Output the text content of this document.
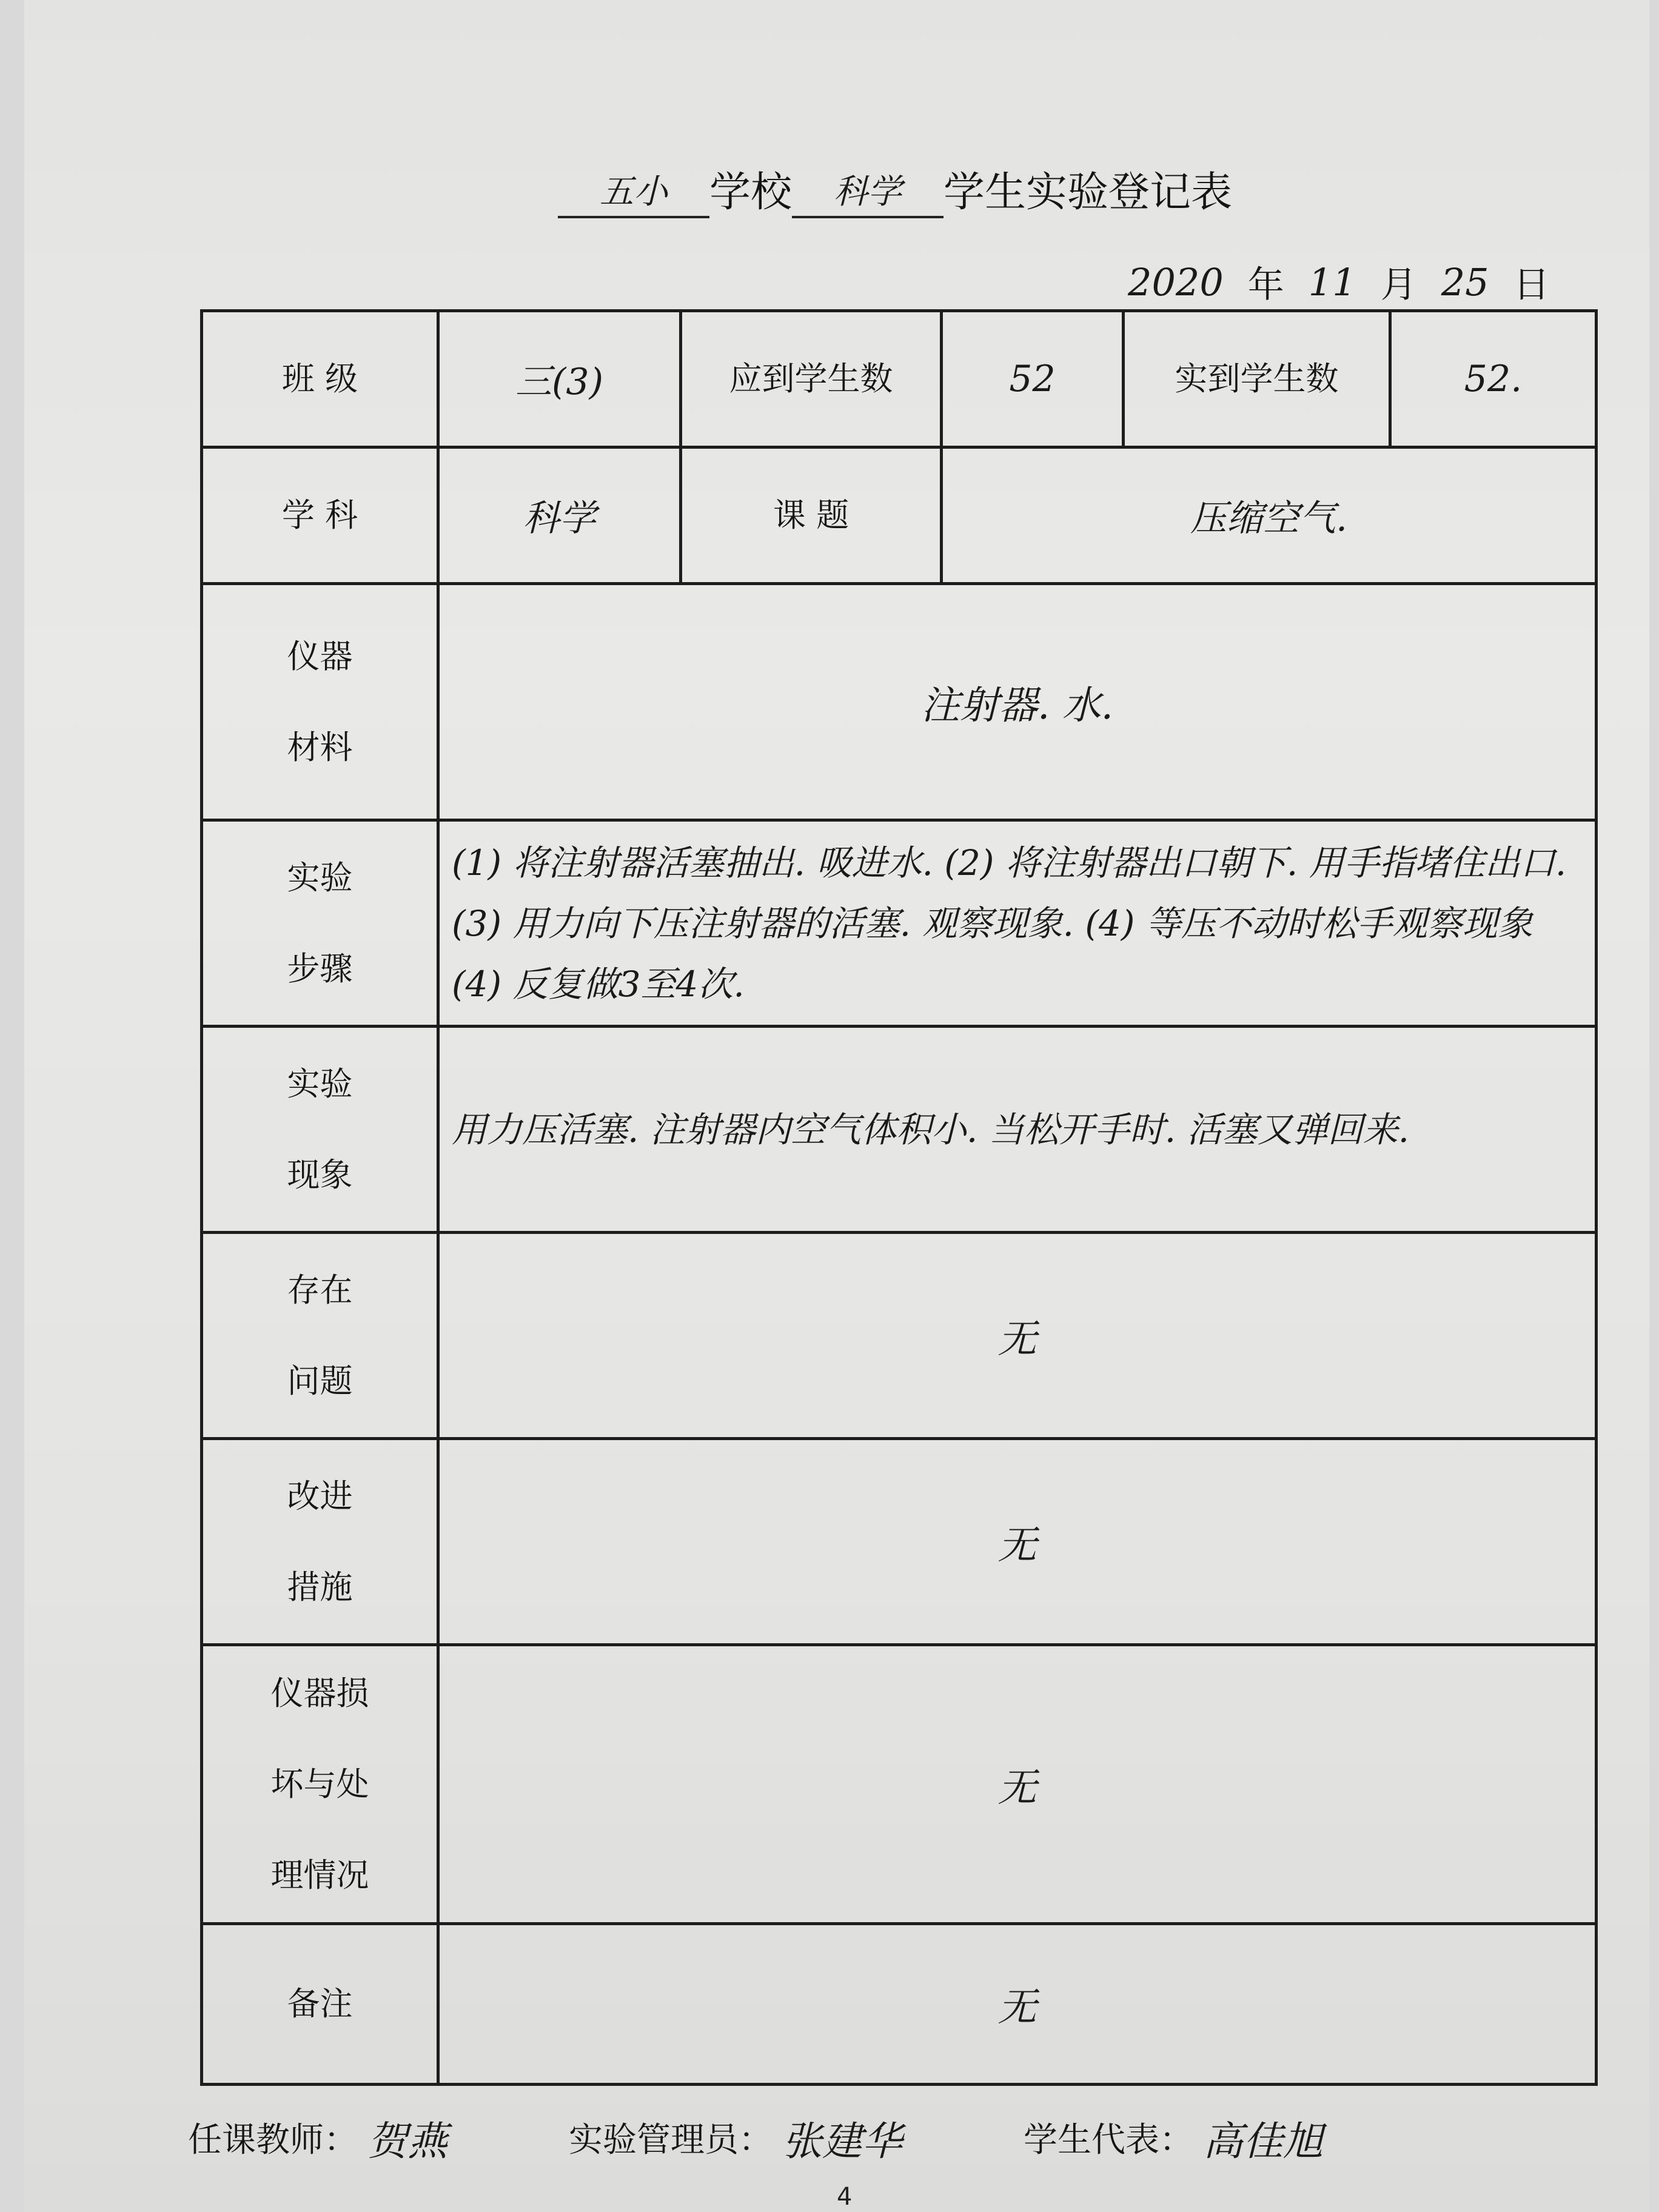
五小	学校	科学	学生实验登记表
2020 年 11 月 25 日
班 级	三(3)	应到学生数	52	实到学生数	52.
学 科	科学	课 题	压缩空气.		

仪器
材料	注射器. 水.				

实验
步骤	(1) 将注射器活塞抽出. 吸进水. (2) 将注射器出口朝下. 用手指堵住出口. (3) 用力向下压注射器的活塞. 观察现象. (4) 等压不动时松手观察现象 (4) 反复做3至4次.				

实验
现象	用力压活塞. 注射器内空气体积小. 当松开手时. 活塞又弹回来.				

存在
问题	无				

改进
措施	无				

仪器损
坏与处
理情况	无				
备注	无				
任课教师： 贺燕	实验管理员： 张建华	学生代表： 高佳旭
4
